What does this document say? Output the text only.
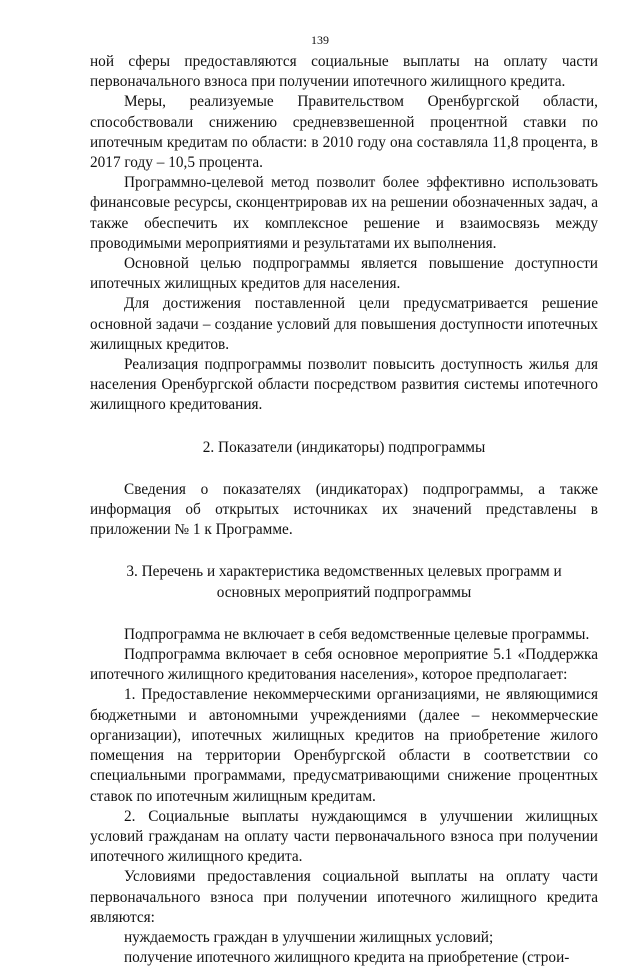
139

ной сферы предоставляются социальные выплаты на оплату части первоначального взноса при получении ипотечного жилищного кредита.

Меры, реализуемые Правительством Оренбургской области, способствовали снижению средневзвешенной процентной ставки по ипотечным кредитам по области: в 2010 году она составляла 11,8 процента, в 2017 году – 10,5 процента.

Программно-целевой метод позволит более эффективно использовать финансовые ресурсы, сконцентрировав их на решении обозначенных задач, а также обеспечить их комплексное решение и взаимосвязь между проводимыми мероприятиями и результатами их выполнения.

Основной целью подпрограммы является повышение доступности ипотечных жилищных кредитов для населения.

Для достижения поставленной цели предусматривается решение основной задачи – создание условий для повышения доступности ипотечных жилищных кредитов.

Реализация подпрограммы позволит повысить доступность жилья для населения Оренбургской области посредством развития системы ипотечного жилищного кредитования.

2. Показатели (индикаторы) подпрограммы

Сведения о показателях (индикаторах) подпрограммы, а также информация об открытых источниках их значений представлены в приложении № 1 к Программе.

3. Перечень и характеристика ведомственных целевых программ и

основных мероприятий подпрограммы

Подпрограмма не включает в себя ведомственные целевые программы.

Подпрограмма включает в себя основное мероприятие 5.1 «Поддержка ипотечного жилищного кредитования населения», которое предполагает:

1. Предоставление некоммерческими организациями, не являющимися бюджетными и автономными учреждениями (далее – некоммерческие организации), ипотечных жилищных кредитов на приобретение жилого помещения на территории Оренбургской области в соответствии со специальными программами, предусматривающими снижение процентных ставок по ипотечным жилищным кредитам.

2. Социальные выплаты нуждающимся в улучшении жилищных условий гражданам на оплату части первоначального взноса при получении ипотечного жилищного кредита.

Условиями предоставления социальной выплаты на оплату части первоначального взноса при получении ипотечного жилищного кредита являются:

нуждаемость граждан в улучшении жилищных условий;

получение ипотечного жилищного кредита на приобретение (строи-
